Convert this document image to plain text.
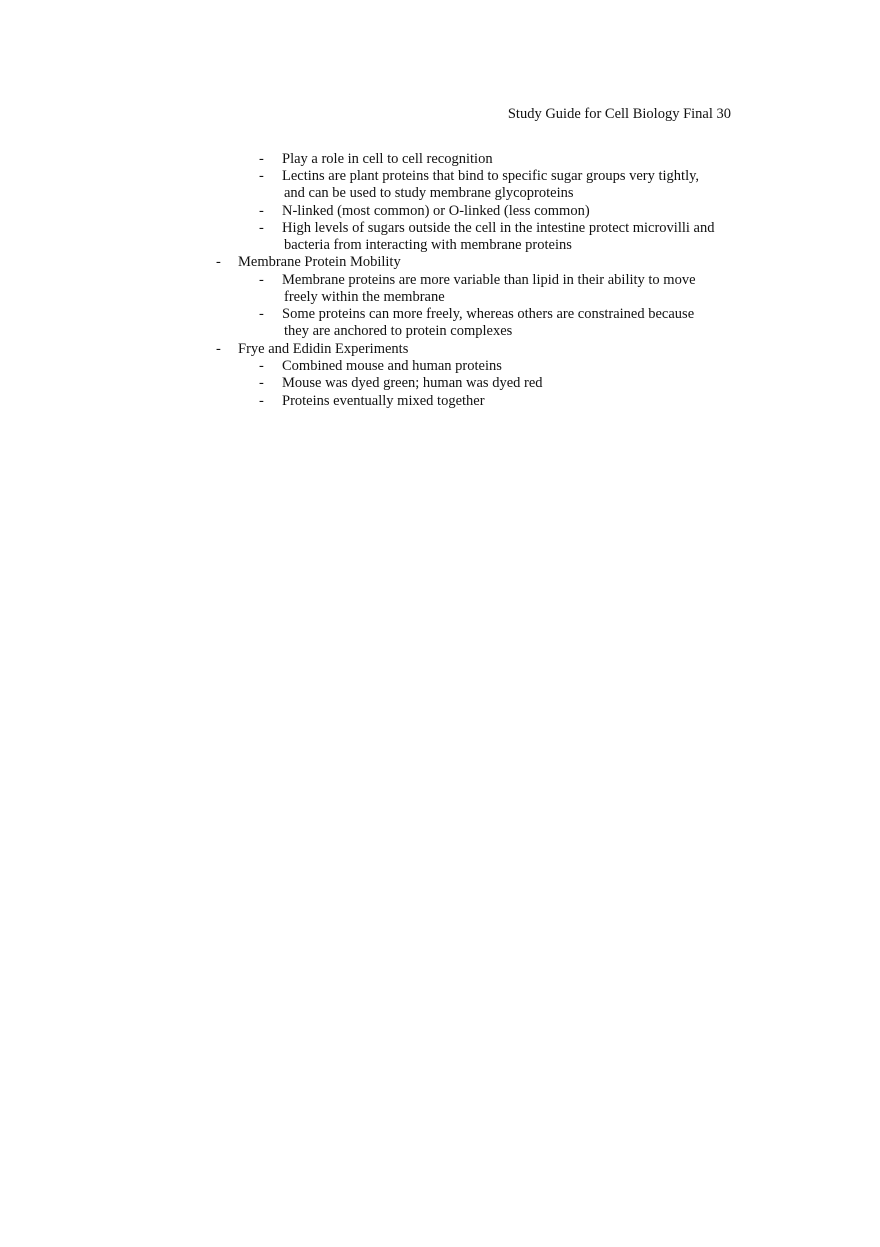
Study Guide for Cell Biology Final 30
- Play a role in cell to cell recognition
- Lectins are plant proteins that bind to specific sugar groups very tightly,
and can be used to study membrane glycoproteins
- N-linked (most common) or O-linked (less common)
- High levels of sugars outside the cell in the intestine protect microvilli and
bacteria from interacting with membrane proteins
- Membrane Protein Mobility
- Membrane proteins are more variable than lipid in their ability to move
freely within the membrane
- Some proteins can more freely, whereas others are constrained because
they are anchored to protein complexes
- Frye and Edidin Experiments
- Combined mouse and human proteins
- Mouse was dyed green; human was dyed red
- Proteins eventually mixed together
